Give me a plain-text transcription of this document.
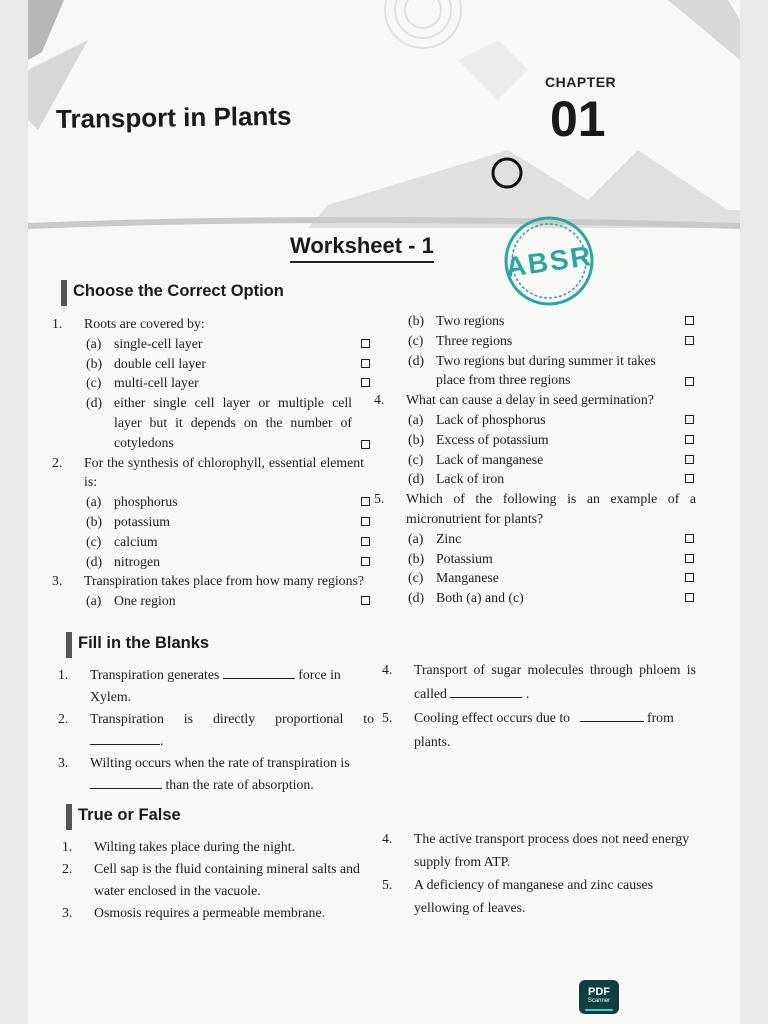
CHAPTER
01
Transport in Plants
Worksheet - 1 ABSR
Choose the Correct Option
1. Roots are covered by:
(a) single-cell layer
(b) double cell layer
(c) multi-cell layer
(d) either single cell layer or multiple cell layer but it depends on the number of cotyledons
2. For the synthesis of chlorophyll, essential element is:
(a) phosphorus
(b) potassium
(c) calcium
(d) nitrogen
3. Transpiration takes place from how many regions?
(a) One region
(b) Two regions
(c) Three regions
(d) Two regions but during summer it takes place from three regions
4. What can cause a delay in seed germination?
(a) Lack of phosphorus
(b) Excess of potassium
(c) Lack of manganese
(d) Lack of iron
5. Which of the following is an example of a micronutrient for plants?
(a) Zinc
(b) Potassium
(c) Manganese
(d) Both (a) and (c)
Fill in the Blanks
1. Transpiration generates	force in Xylem.
2. Transpiration is directly proportional to .
3. Wilting occurs when the rate of transpiration is  than the rate of absorption.
4. Transport of sugar molecules through phloem is called	.
5. Cooling effect occurs due to	from plants.
True or False
1. Wilting takes place during the night.
2. Cell sap is the fluid containing mineral salts and water enclosed in the vacuole.
3. Osmosis requires a permeable membrane.
4. The active transport process does not need energy supply from ATP.
5. A deficiency of manganese and zinc causes yellowing of leaves.
PDF
Scanner
